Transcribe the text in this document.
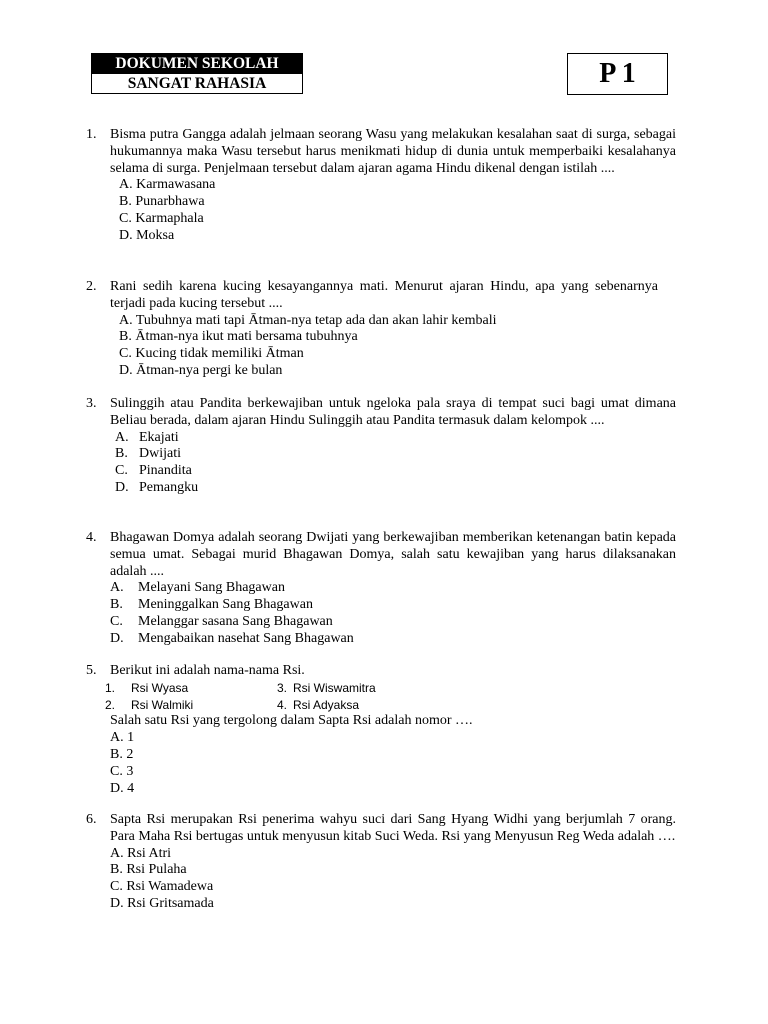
DOKUMEN SEKOLAH
SANGAT RAHASIA	P 1
1. Bisma putra Gangga adalah jelmaan seorang Wasu yang melakukan kesalahan saat di surga, sebagai hukumannya maka Wasu tersebut harus menikmati hidup di dunia untuk memperbaiki kesalahanya selama di surga. Penjelmaan tersebut dalam ajaran agama Hindu dikenal dengan istilah ....
A. Karmawasana
B. Punarbhawa
C. Karmaphala
D. Moksa
2. Rani sedih karena kucing kesayangannya mati. Menurut ajaran Hindu, apa yang sebenarnya terjadi pada kucing tersebut ....
A. Tubuhnya mati tapi Ātman-nya tetap ada dan akan lahir kembali
B. Ātman-nya ikut mati bersama tubuhnya
C. Kucing tidak memiliki Ātman
D. Ātman-nya pergi ke bulan
3. Sulinggih atau Pandita berkewajiban untuk ngeloka pala sraya di tempat suci bagi umat dimana Beliau berada, dalam ajaran Hindu Sulinggih atau Pandita termasuk dalam kelompok ....
A. Ekajati
B. Dwijati
C. Pinandita
D. Pemangku
4. Bhagawan Domya adalah seorang Dwijati yang berkewajiban memberikan ketenangan batin kepada semua umat. Sebagai murid Bhagawan Domya, salah satu kewajiban yang harus dilaksanakan adalah ....
A.	Melayani Sang Bhagawan
B.	Meninggalkan Sang Bhagawan
C.	Melanggar sasana Sang Bhagawan
D.	Mengabaikan nasehat Sang Bhagawan
5. Berikut ini adalah nama-nama Rsi.
1.	Rsi Wyasa	3. Rsi Wiswamitra
2.	Rsi Walmiki	4. Rsi Adyaksa
Salah satu Rsi yang tergolong dalam Sapta Rsi adalah nomor ….
A. 1
B. 2
C. 3
D. 4
6. Sapta Rsi merupakan Rsi penerima wahyu suci dari Sang Hyang Widhi yang berjumlah 7 orang. Para Maha Rsi bertugas untuk menyusun kitab Suci Weda. Rsi yang Menyusun Reg Weda adalah ….
A. Rsi Atri
B. Rsi Pulaha
C. Rsi Wamadewa
D. Rsi Gritsamada
